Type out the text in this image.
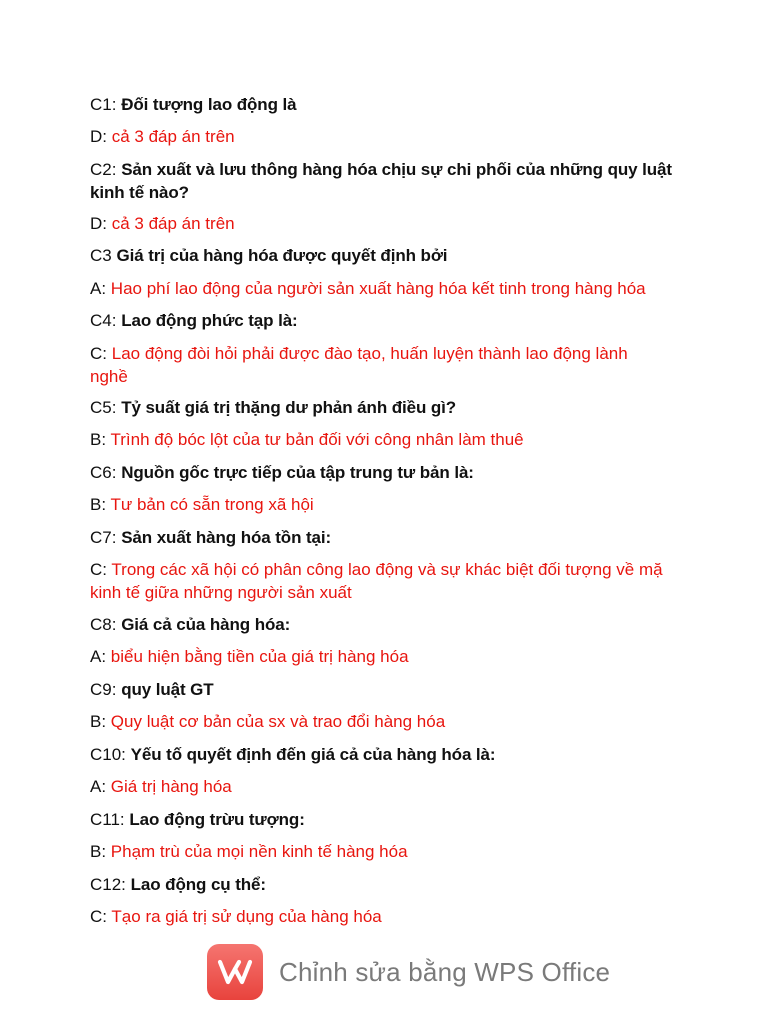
C1: Đối tượng lao động là
D: cả 3 đáp án trên
C2: Sản xuất và lưu thông hàng hóa chịu sự chi phối của những quy luật kinh tế nào?
D: cả 3 đáp án trên
C3 Giá trị của hàng hóa được quyết định bởi
A: Hao phí lao động của người sản xuất hàng hóa kết tinh trong hàng hóa
C4: Lao động phức tạp là:
C: Lao động đòi hỏi phải được đào tạo, huấn luyện thành lao động lành nghề
C5: Tỷ suất giá trị thặng dư phản ánh điều gì?
B: Trình độ bóc lột của tư bản đối với công nhân làm thuê
C6: Nguồn gốc trực tiếp của tập trung tư bản là:
B: Tư bản có sẵn trong xã hội
C7: Sản xuất hàng hóa tồn tại:
C: Trong các xã hội có phân công lao động và sự khác biệt đối tượng về mặ kinh tế giữa những người sản xuất
C8: Giá cả của hàng hóa:
A: biểu hiện bằng tiền của giá trị hàng hóa
C9: quy luật GT
B: Quy luật cơ bản của sx và trao đổi hàng hóa
C10: Yếu tố quyết định đến giá cả của hàng hóa là:
A: Giá trị hàng hóa
C11: Lao động trừu tượng:
B: Phạm trù của mọi nền kinh tế hàng hóa
C12: Lao động cụ thể:
C: Tạo ra giá trị sử dụng của hàng hóa
Chỉnh sửa bằng WPS Office
